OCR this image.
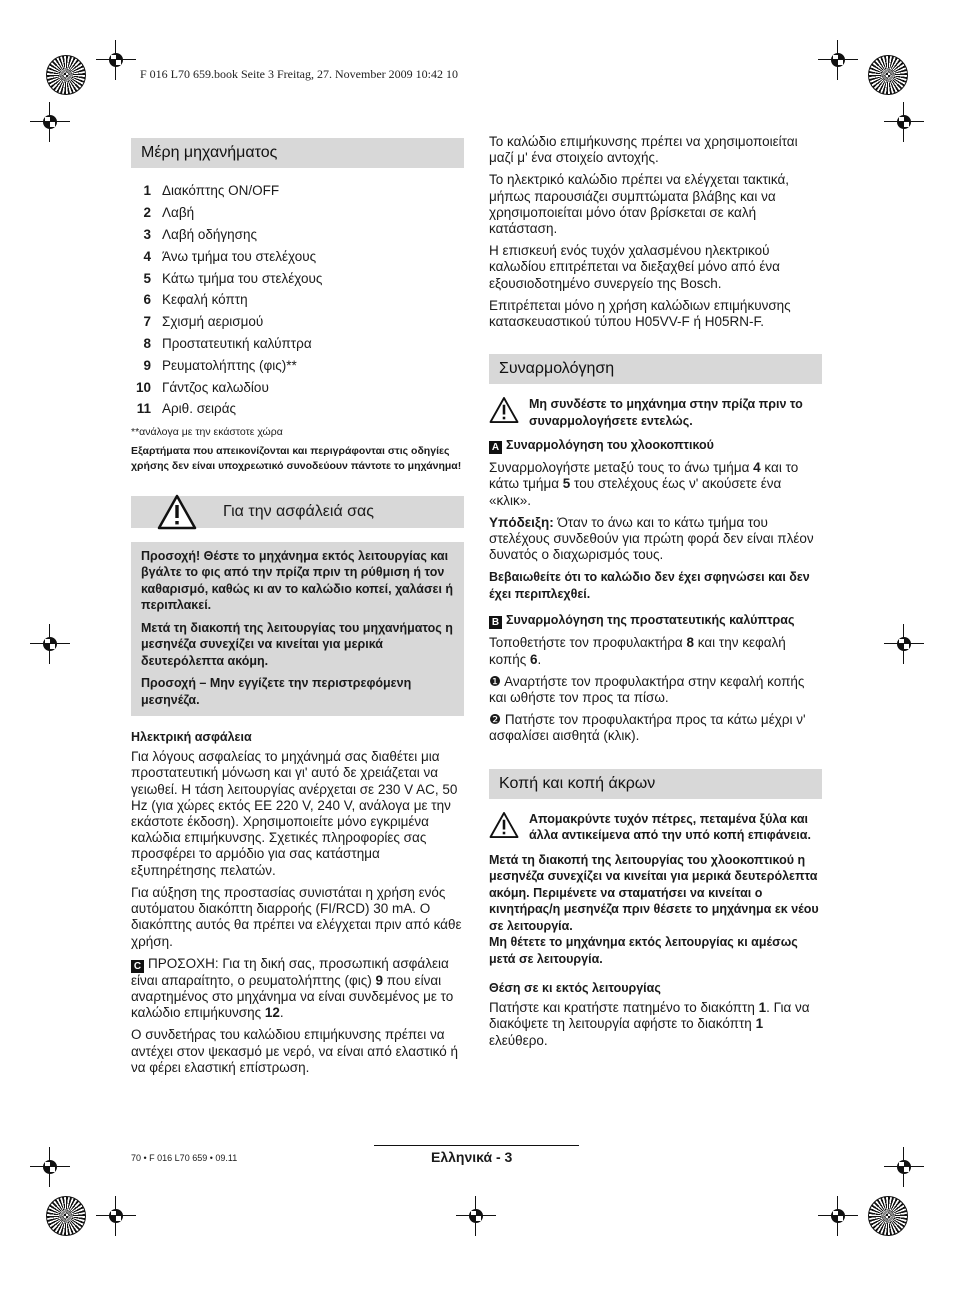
F 016 L70 659.book Seite 3 Freitag, 27. November 2009 10:42 10
Μέρη μηχανήματος
1 Διακόπτης ON/OFF
2 Λαβή
3 Λαβή οδήγησης
4 Άνω τμήμα του στελέχους
5 Κάτω τμήμα του στελέχους
6 Κεφαλή κόπτη
7 Σχισμή αερισμού
8 Προστατευτική καλύπτρα
9 Ρευματολήπτης (φις)**
10 Γάντζος καλωδίου
11 Αριθ. σειράς
**ανάλογα με την εκάστοτε χώρα

Εξαρτήματα που απεικονίζονται και περιγράφονται στις οδηγίες χρήσης δεν είναι υποχρεωτικό συνοδεύουν πάντοτε το μηχάνημα!

Για την ασφάλειά σας

Προσοχή! Θέστε το μηχάνημα εκτός λειτουργίας και βγάλτε το φις από την πρίζα πριν τη ρύθμιση ή τον καθαρισμό, καθώς κι αν το καλώδιο κοπεί, χαλάσει ή περιπλακεί.

Μετά τη διακοπή της λειτουργίας του μηχανήματος η μεσηνέζα συνεχίζει να κινείται για μερικά δευτερόλεπτα ακόμη.

Προσοχή – Μην εγγίζετε την περιστρεφόμενη μεσηνέζα.

Ηλεκτρική ασφάλεια

Για λόγους ασφαλείας το μηχάνημά σας διαθέτει μια προστατευτική μόνωση και γι' αυτό δε χρειάζεται να γειωθεί. Η τάση λειτουργίας ανέρχεται σε 230 V AC, 50 Hz (για χώρες εκτός ΕΕ 220 V, 240 V, ανάλογα με την εκάστοτε έκδοση). Χρησιμοποιείτε μόνο εγκριμένα καλώδια επιμήκυνσης. Σχετικές πληροφορίες σας προσφέρει το αρμόδιο για σας κατάστημα εξυπηρέτησης πελατών.

Για αύξηση της προστασίας συνιστάται η χρήση ενός αυτόματου διακόπτη διαρροής (FI/RCD) 30 mA. Ο διακόπτης αυτός θα πρέπει να ελέγχεται πριν από κάθε χρήση.

C ΠΡΟΣΟΧΗ: Για τη δική σας, προσωπική ασφάλεια είναι απαραίτητο, ο ρευματολήπτης (φις) 9 που είναι αναρτημένος στο μηχάνημα να είναι συνδεμένος με το καλώδιο επιμήκυνσης 12.

Ο συνδετήρας του καλώδιου επιμήκυνσης πρέπει να αντέχει στον ψεκασμό με νερό, να είναι από ελαστικό ή να φέρει ελαστική επίστρωση.

Το καλώδιο επιμήκυνσης πρέπει να χρησιμοποιείται μαζί μ' ένα στοιχείο αντοχής.

Το ηλεκτρικό καλώδιο πρέπει να ελέγχεται τακτικά, μήπως παρουσιάζει συμπτώματα βλάβης και να χρησιμοποιείται μόνο όταν βρίσκεται σε καλή κατάσταση.

Η επισκευή ενός τυχόν χαλασμένου ηλεκτρικού καλωδίου επιτρέπεται να διεξαχθεί μόνο από ένα εξουσιοδοτημένο συνεργείο της Bosch.

Επιτρέπεται μόνο η χρήση καλώδιων επιμήκυνσης κατασκευαστικού τύπου H05VV-F ή H05RN-F.

Συναρμολόγηση
Μη συνδέστε το μηχάνημα στην πρίζα πριν το συναρμολογήσετε εντελώς.
A Συναρμολόγηση του χλοοκοπτικού

Συναρμολογήστε μεταξύ τους το άνω τμήμα 4 και το κάτω τμήμα 5 του στελέχους έως ν' ακούσετε ένα «κλικ».

Υπόδειξη: Όταν το άνω και το κάτω τμήμα του στελέχους συνδεθούν για πρώτη φορά δεν είναι πλέον δυνατός ο διαχωρισμός τους.

Βεβαιωθείτε ότι το καλώδιο δεν έχει σφηνώσει και δεν έχει περιπλεχθεί.

B Συναρμολόγηση της προστατευτικής καλύπτρας

Τοποθετήστε τον προφυλακτήρα 8 και την κεφαλή κοπής 6.

❶ Αναρτήστε τον προφυλακτήρα στην κεφαλή κοπής και ωθήστε τον προς τα πίσω.

❷ Πατήστε τον προφυλακτήρα προς τα κάτω μέχρι ν' ασφαλίσει αισθητά (κλικ).

Κοπή και κοπή άκρων
Απομακρύντε τυχόν πέτρες, πεταμένα ξύλα και άλλα αντικείμενα από την υπό κοπή επιφάνεια.

Μετά τη διακοπή της λειτουργίας του χλοοκοπτικού η μεσηνέζα συνεχίζει να κινείται για μερικά δευτερόλεπτα ακόμη. Περιμένετε να σταματήσει να κινείται ο κινητήρας/η μεσηνέζα πριν θέσετε το μηχάνημα εκ νέου σε λειτουργία.

Μη θέτετε το μηχάνημα εκτός λειτουργίας κι αμέσως μετά σε λειτουργία.

Θέση σε κι εκτός λειτουργίας

Πατήστε και κρατήστε πατημένο το διακόπτη 1. Για να διακόψετε τη λειτουργία αφήστε το διακόπτη 1 ελεύθερο.

70 • F 016 L70 659 • 09.11	Ελληνικά - 3
